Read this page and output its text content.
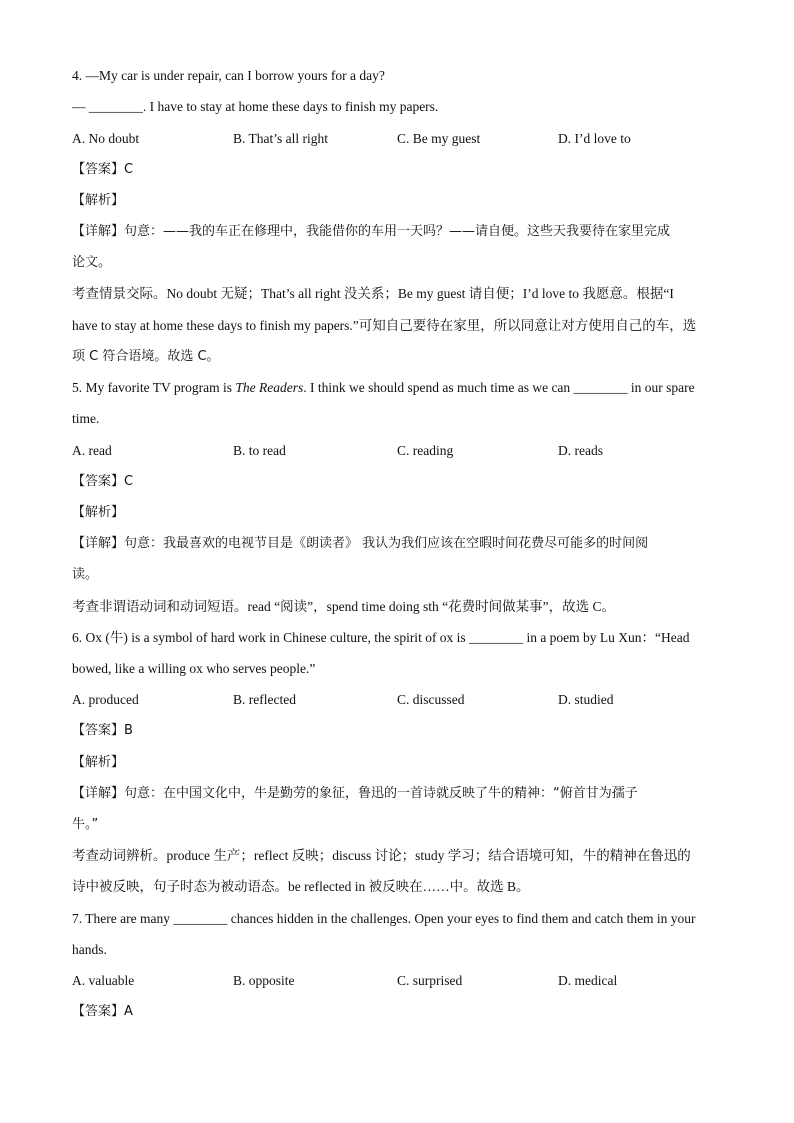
4. —My car is under repair, can I borrow yours for a day?
— ________. I have to stay at home these days to finish my papers.
A. No doubt	B. That’s all right	C. Be my guest	D. I’d love to
【答案】C
【解析】
【详解】句意：——我的车正在修理中，我能借你的车用一天吗？——请自便。这些天我要待在家里完成
论文。
考查情景交际。No doubt 无疑；That’s all right 没关系；Be my guest 请自便；I’d love to 我愿意。根据“I
have to stay at home these days to finish my papers.”可知自己要待在家里，所以同意让对方使用自己的车，选
项 C 符合语境。故选 C。
5. My favorite TV program is The Readers. I think we should spend as much time as we can ________ in our spare
time.
A. read	B. to read	C. reading	D. reads
【答案】C
【解析】
【详解】句意：我最喜欢的电视节目是《朗读者》 我认为我们应该在空暇时间花费尽可能多的时间阅
读。
考查非谓语动词和动词短语。read “阅读”，spend time doing sth “花费时间做某事”，故选 C。
6. Ox (牛) is a symbol of hard work in Chinese culture, the spirit of ox is ________ in a poem by Lu Xun：“Head
bowed, like a willing ox who serves people.”
A. produced	B. reflected	C. discussed	D. studied
【答案】B
【解析】
【详解】句意：在中国文化中，牛是勤劳的象征，鲁迅的一首诗就反映了牛的精神：“俯首甘为孺子
牛。”
考查动词辨析。produce 生产；reflect 反映；discuss 讨论；study 学习；结合语境可知，牛的精神在鲁迅的
诗中被反映，句子时态为被动语态。be reflected in 被反映在……中。故选 B。
7. There are many ________ chances hidden in the challenges. Open your eyes to find them and catch them in your
hands.
A. valuable	B. opposite	C. surprised	D. medical
【答案】A
